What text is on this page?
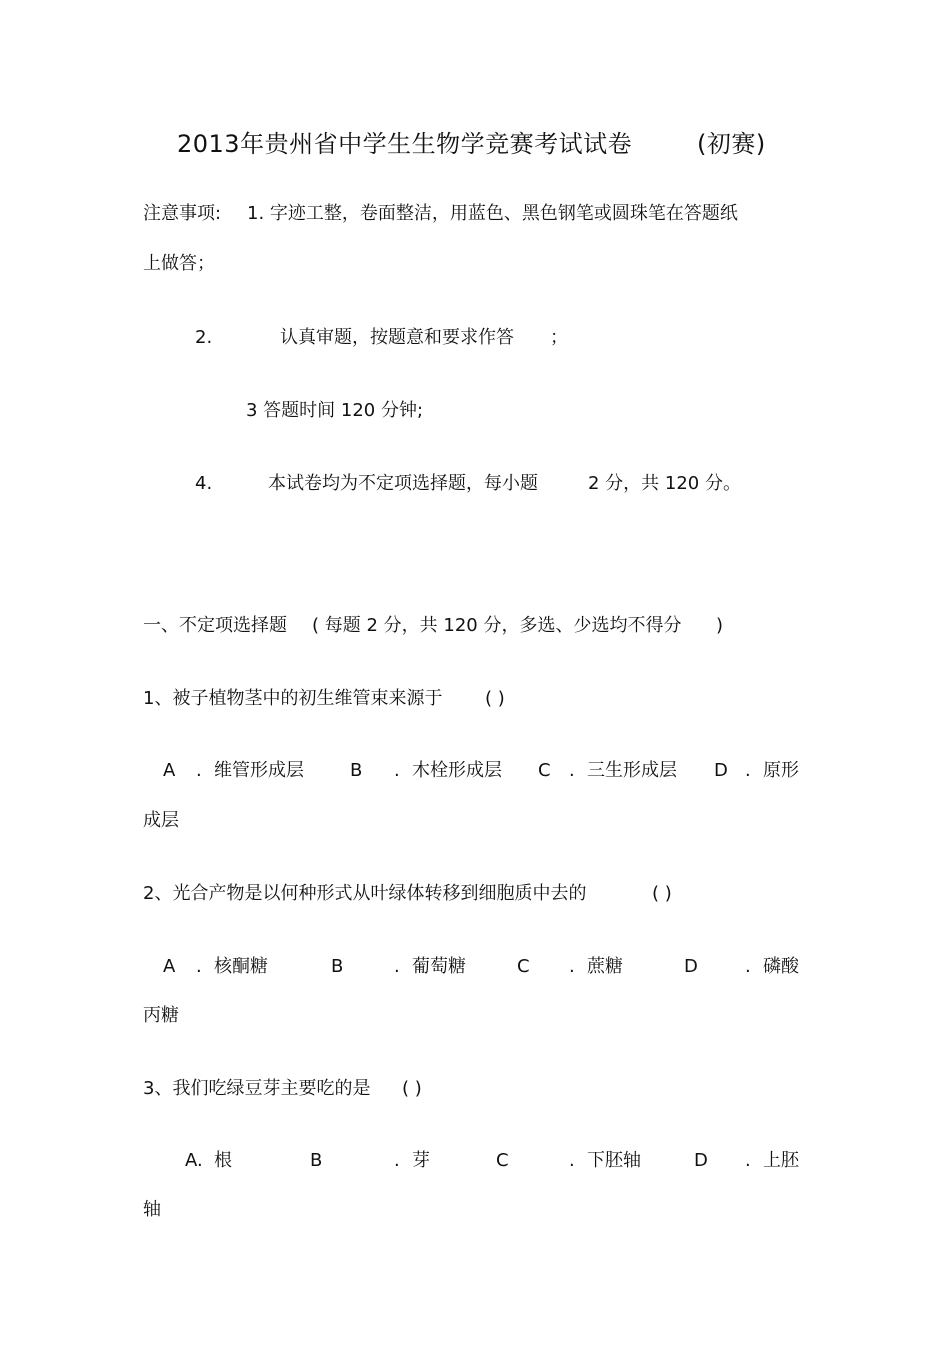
2013年贵州省中学生生物学竞赛考试试卷	(初赛)
注意事项: 1. 字迹工整，卷面整洁，用蓝色、黑色钢笔或圆珠笔在答题纸
上做答；
2.	认真审题，按题意和要求作答 ；
3 答题时间 120 分钟;
4.	本试卷均为不定项选择题，每小题	2 分，共 120 分。
一、不定项选择题 ( 每题 2 分，共 120 分，多选、少选均不得分 )
1、被子植物茎中的初生维管束来源于 ( )
A . 维管形成层	B . 木栓形成层 C . 三生形成层 D . 原形
成层
2、光合产物是以何种形式从叶绿体转移到细胞质中去的	( )
A . 核酮糖	B	. 葡萄糖	C . 蔗糖	D	. 磷酸
丙糖
3、我们吃绿豆芽主要吃的是 ( )
A. 根	B	. 芽	C	. 下胚轴	D . 上胚
轴
